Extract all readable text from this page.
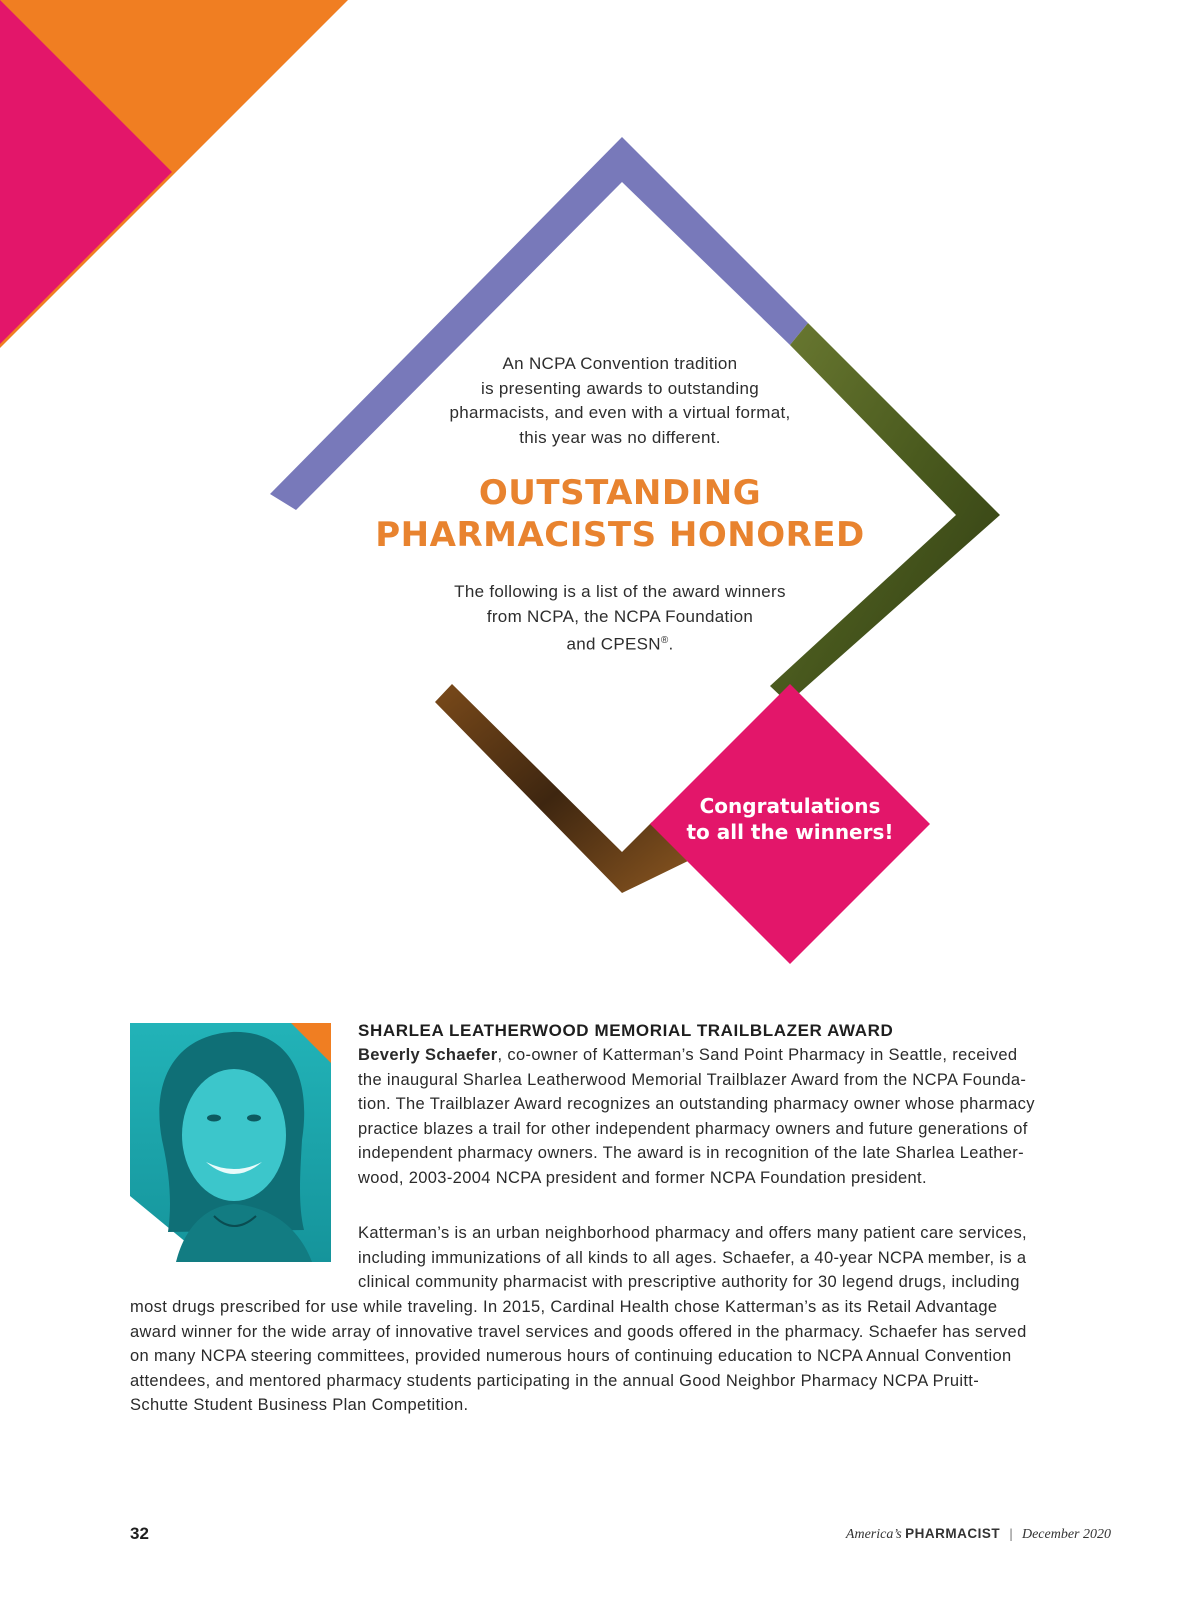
An NCPA Convention tradition
is presenting awards to outstanding
pharmacists, and even with a virtual format,
this year was no different.
OUTSTANDING
PHARMACISTS HONORED
The following is a list of the award winners
from NCPA, the NCPA Foundation
and CPESN®.
Congratulations
to all the winners!
SHARLEA LEATHERWOOD MEMORIAL TRAILBLAZER AWARD
Beverly Schaefer, co-owner of Katterman’s Sand Point Pharmacy in Seattle, received
the inaugural Sharlea Leatherwood Memorial Trailblazer Award from the NCPA Founda-
tion. The Trailblazer Award recognizes an outstanding pharmacy owner whose pharmacy
practice blazes a trail for other independent pharmacy owners and future generations of
independent pharmacy owners. The award is in recognition of the late Sharlea Leather-
wood, 2003-2004 NCPA president and former NCPA Foundation president.
Katterman’s is an urban neighborhood pharmacy and offers many patient care services,
including immunizations of all kinds to all ages. Schaefer, a 40-year NCPA member, is a
clinical community pharmacist with prescriptive authority for 30 legend drugs, including
most drugs prescribed for use while traveling. In 2015, Cardinal Health chose Katterman’s as its Retail Advantage
award winner for the wide array of innovative travel services and goods offered in the pharmacy. Schaefer has served
on many NCPA steering committees, provided numerous hours of continuing education to NCPA Annual Convention
attendees, and mentored pharmacy students participating in the annual Good Neighbor Pharmacy NCPA Pruitt-
Schutte Student Business Plan Competition.
32	America’s PHARMACIST | December 2020
